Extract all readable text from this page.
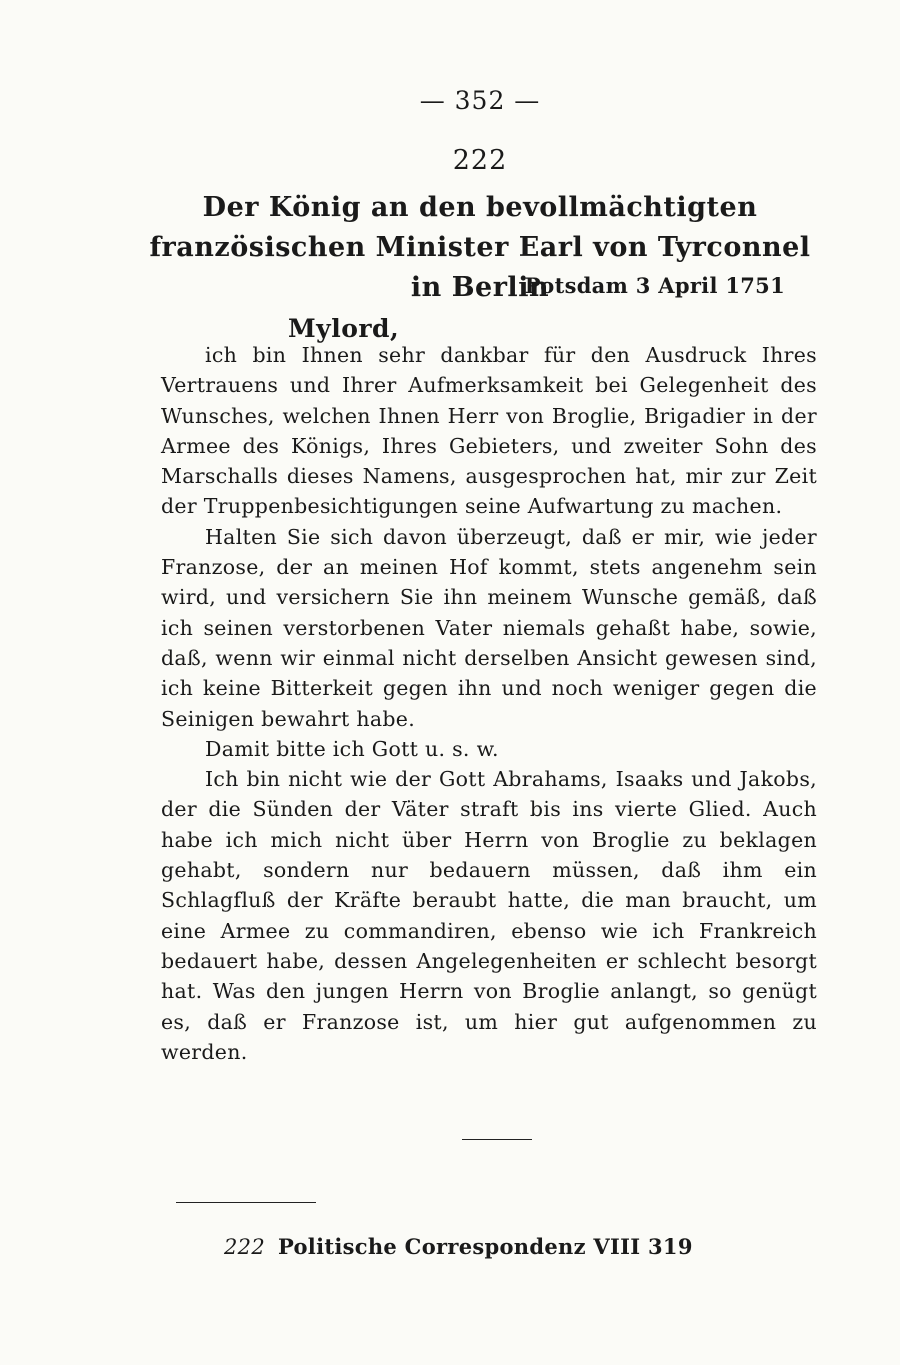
— 352 —
222
Der König an den bevollmächtigten französischen Minister Earl von Tyrconnel in Berlin
Potsdam 3 April 1751
Mylord,

ich bin Ihnen sehr dankbar für den Ausdruck Ihres Vertrauens und Ihrer Aufmerksamkeit bei Gelegenheit des Wunsches, welchen Ihnen Herr von Broglie, Brigadier in der Armee des Königs, Ihres Gebieters, und zweiter Sohn des Marschalls dieses Namens, ausgesprochen hat, mir zur Zeit der Truppenbesichtigungen seine Aufwartung zu machen.

Halten Sie sich davon überzeugt, daß er mir, wie jeder Franzose, der an meinen Hof kommt, stets angenehm sein wird, und versichern Sie ihn meinem Wunsche gemäß, daß ich seinen verstorbenen Vater niemals gehaßt habe, sowie, daß, wenn wir einmal nicht derselben Ansicht gewesen sind, ich keine Bitterkeit gegen ihn und noch weniger gegen die Seinigen bewahrt habe.

Damit bitte ich Gott u. s. w.

Ich bin nicht wie der Gott Abrahams, Isaaks und Jakobs, der die Sünden der Väter straft bis ins vierte Glied. Auch habe ich mich nicht über Herrn von Broglie zu beklagen gehabt, sondern nur bedauern müssen, daß ihm ein Schlagfluß der Kräfte beraubt hatte, die man braucht, um eine Armee zu commandiren, ebenso wie ich Frankreich bedauert habe, dessen Angelegenheiten er schlecht besorgt hat. Was den jungen Herrn von Broglie anlangt, so genügt es, daß er Franzose ist, um hier gut aufgenommen zu werden.

222 Politische Correspondenz VIII 319
